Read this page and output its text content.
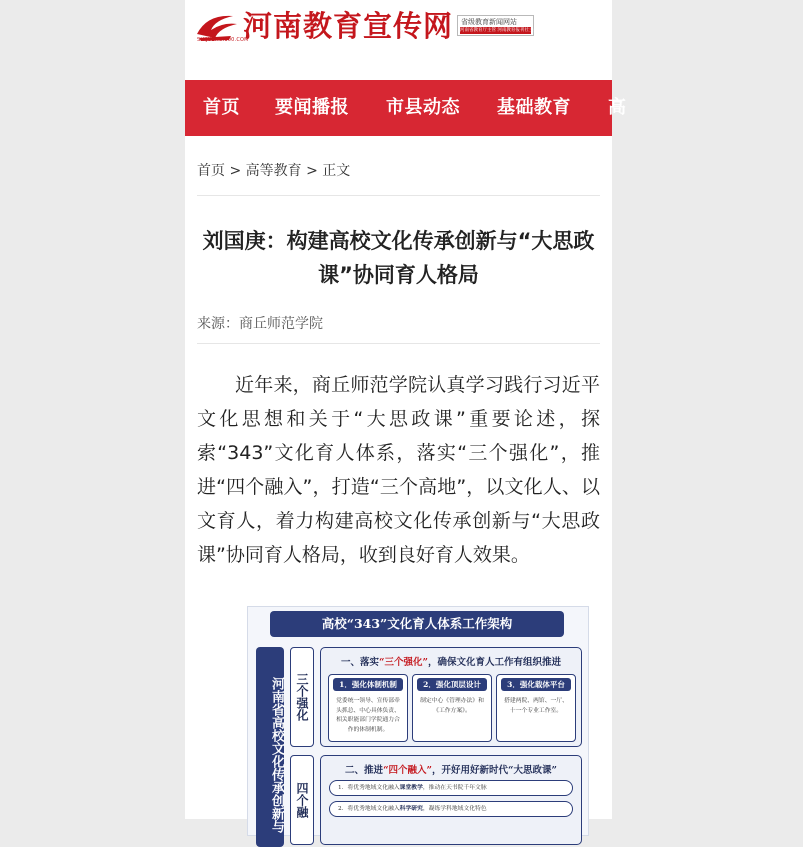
SHIJUEHUI100.COM
河南教育宣传网 省级教育新闻网站
河南省教育厅主管 河南教育报刊社主办
首页 要闻播报 市县动态 基础教育 高
首页 > 高等教育 > 正文
刘国庚：构建高校文化传承创新与“大思政课”协同育人格局
来源：商丘师范学院
近年来，商丘师范学院认真学习践行习近平文化思想和关于“大思政课”重要论述，探索“343”文化育人体系，落实“三个强化”，推进“四个融入”，打造“三个高地”，以文化人、以文育人，着力构建高校文化传承创新与“大思政课”协同育人格局，收到良好育人效果。
高校“343”文化育人体系工作架构
河南省高校文化传承创新与 三个强化
一、落实“三个强化”，确保文化育人工作有组织推进
1．强化体制机制
党委统一领导、宣传部牵头抓总、中心具体负责、相关职能部门学院通力合作的体制机制。
2．强化顶层设计
制定中心《管理办法》和《工作方案》。
3．强化载体平台
搭建两院、两馆、一厅、十一个专业工作室。
四个融
二、推进“四个融入”，开好用好新时代“大思政课”
1．将优秀地域文化融入课堂教学，推动在天书院千年文脉
2．将优秀地域文化融入科学研究，凝练学科地域文化特色
